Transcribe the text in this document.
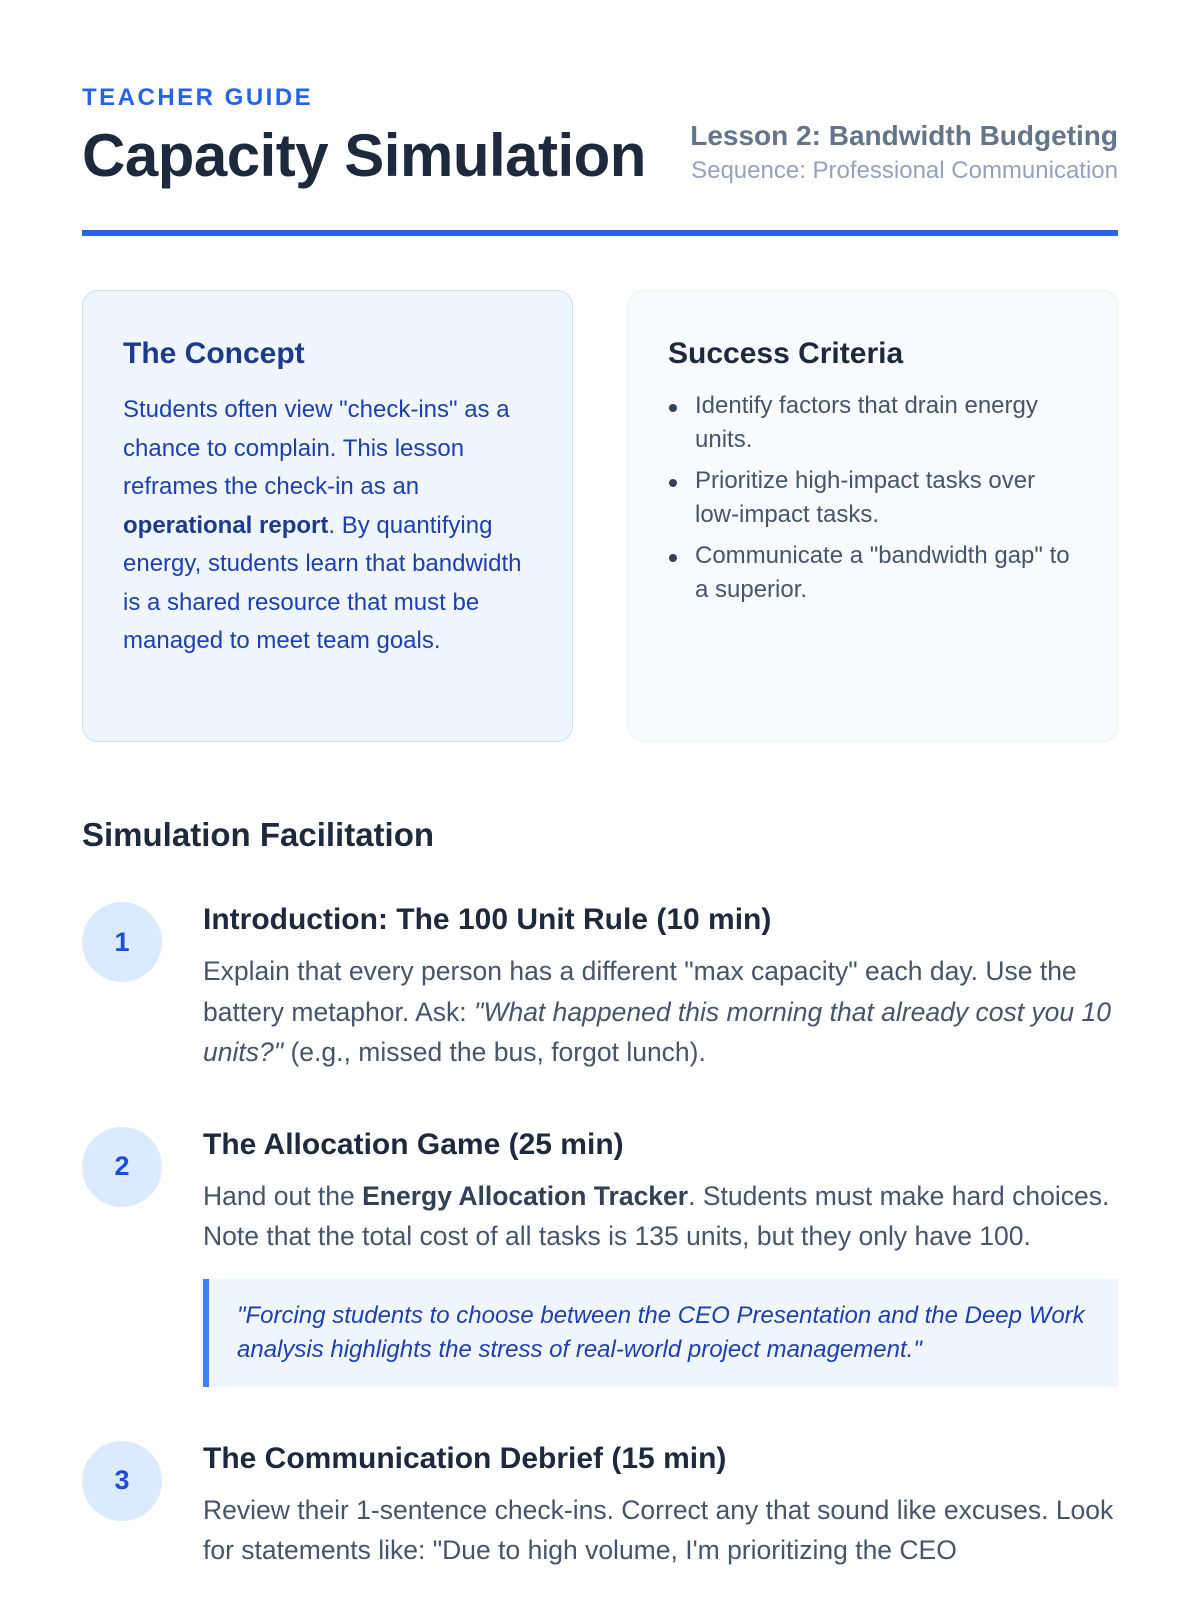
TEACHER GUIDE
Capacity Simulation	Lesson 2: Bandwidth Budgeting
Sequence: Professional Communication
The Concept

Students often view "check-ins" as a chance to complain. This lesson reframes the check-in as an operational report. By quantifying energy, students learn that bandwidth is a shared resource that must be managed to meet team goals.

Success Criteria
Identify factors that drain energy units.
Prioritize high-impact tasks over low-impact tasks.
Communicate a "bandwidth gap" to a superior.
Simulation Facilitation
1
Introduction: The 100 Unit Rule (10 min)

Explain that every person has a different "max capacity" each day. Use the battery metaphor. Ask: "What happened this morning that already cost you 10 units?" (e.g., missed the bus, forgot lunch).

2
The Allocation Game (25 min)

Hand out the Energy Allocation Tracker. Students must make hard choices. Note that the total cost of all tasks is 135 units, but they only have 100.

"Forcing students to choose between the CEO Presentation and the Deep Work analysis highlights the stress of real-world project management."
3
The Communication Debrief (15 min)

Review their 1-sentence check-ins. Correct any that sound like excuses. Look for statements like: "Due to high volume, I'm prioritizing the CEO
